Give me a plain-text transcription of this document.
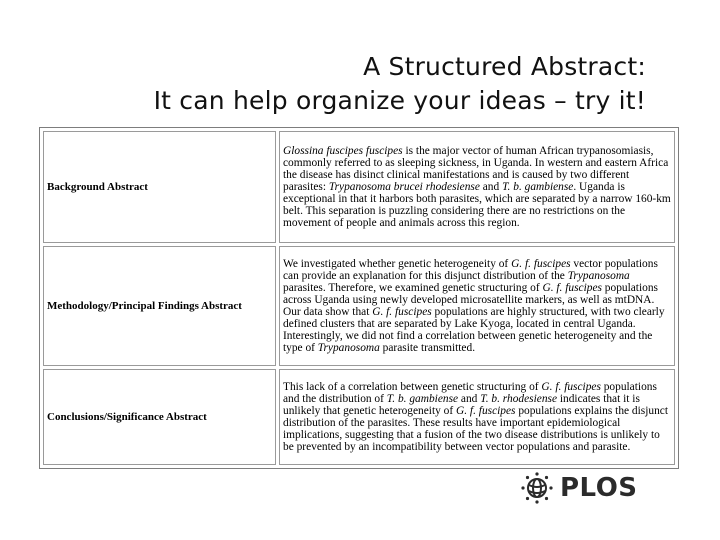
A Structured Abstract:
It can help organize your ideas – try it!
Background Abstract	Glossina fuscipes fuscipes is the major vector of human African trypanosomiasis, commonly referred to as sleeping sickness, in Uganda. In western and eastern Africa the disease has disinct clinical manifestations and is caused by two different parasites: Trypanosoma brucei rhodesiense and T. b. gambiense. Uganda is exceptional in that it harbors both parasites, which are separated by a narrow 160-km belt. This separation is puzzling considering there are no restrictions on the movement of people and animals across this region.
Methodology/Principal Findings Abstract	We investigated whether genetic heterogeneity of G. f. fuscipes vector populations can provide an explanation for this disjunct distribution of the Trypanosoma parasites. Therefore, we examined genetic structuring of G. f. fuscipes populations across Uganda using newly developed microsatellite markers, as well as mtDNA. Our data show that G. f. fuscipes populations are highly structured, with two clearly defined clusters that are separated by Lake Kyoga, located in central Uganda. Interestingly, we did not find a correlation between genetic heterogeneity and the type of Trypanosoma parasite transmitted.
Conclusions/Significance Abstract	This lack of a correlation between genetic structuring of G. f. fuscipes populations and the distribution of T. b. gambiense and T. b. rhodesiense indicates that it is unlikely that genetic heterogeneity of G. f. fuscipes populations explains the disjunct distribution of the parasites. These results have important epidemiological implications, suggesting that a fusion of the two disease distributions is unlikely to be prevented by an incompatibility between vector populations and parasite.
PLOS
